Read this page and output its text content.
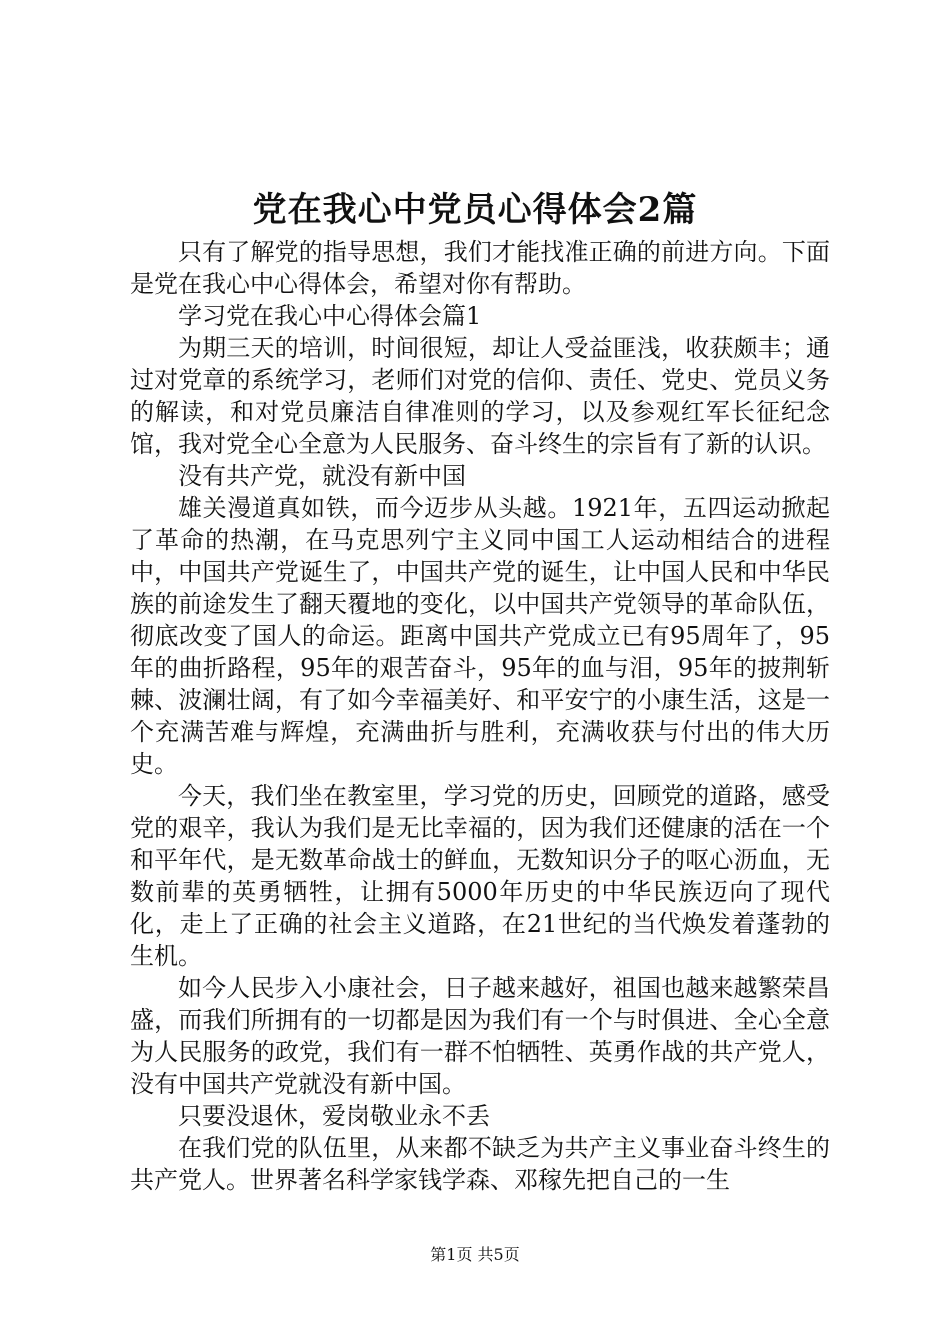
党在我心中党员心得体会2篇

只有了解党的指导思想，我们才能找准正确的前进方向。下面是党在我心中心得体会，希望对你有帮助。

学习党在我心中心得体会篇1

为期三天的培训，时间很短，却让人受益匪浅，收获颇丰；通过对党章的系统学习，老师们对党的信仰、责任、党史、党员义务的解读，和对党员廉洁自律准则的学习，以及参观红军长征纪念馆，我对党全心全意为人民服务、奋斗终生的宗旨有了新的认识。

没有共产党，就没有新中国

雄关漫道真如铁，而今迈步从头越。1921年，五四运动掀起了革命的热潮，在马克思列宁主义同中国工人运动相结合的进程中，中国共产党诞生了，中国共产党的诞生，让中国人民和中华民族的前途发生了翻天覆地的变化，以中国共产党领导的革命队伍，彻底改变了国人的命运。距离中国共产党成立已有95周年了，95年的曲折路程，95年的艰苦奋斗，95年的血与泪，95年的披荆斩棘、波澜壮阔，有了如今幸福美好、和平安宁的小康生活，这是一个充满苦难与辉煌，充满曲折与胜利，充满收获与付出的伟大历史。

今天，我们坐在教室里，学习党的历史，回顾党的道路，感受党的艰辛，我认为我们是无比幸福的，因为我们还健康的活在一个和平年代，是无数革命战士的鲜血，无数知识分子的呕心沥血，无数前辈的英勇牺牲，让拥有5000年历史的中华民族迈向了现代化，走上了正确的社会主义道路，在21世纪的当代焕发着蓬勃的生机。

如今人民步入小康社会，日子越来越好，祖国也越来越繁荣昌盛，而我们所拥有的一切都是因为我们有一个与时俱进、全心全意为人民服务的政党，我们有一群不怕牺牲、英勇作战的共产党人，没有中国共产党就没有新中国。

只要没退休，爱岗敬业永不丢

在我们党的队伍里，从来都不缺乏为共产主义事业奋斗终生的共产党人。世界著名科学家钱学森、邓稼先把自己的一生

第1页 共5页
